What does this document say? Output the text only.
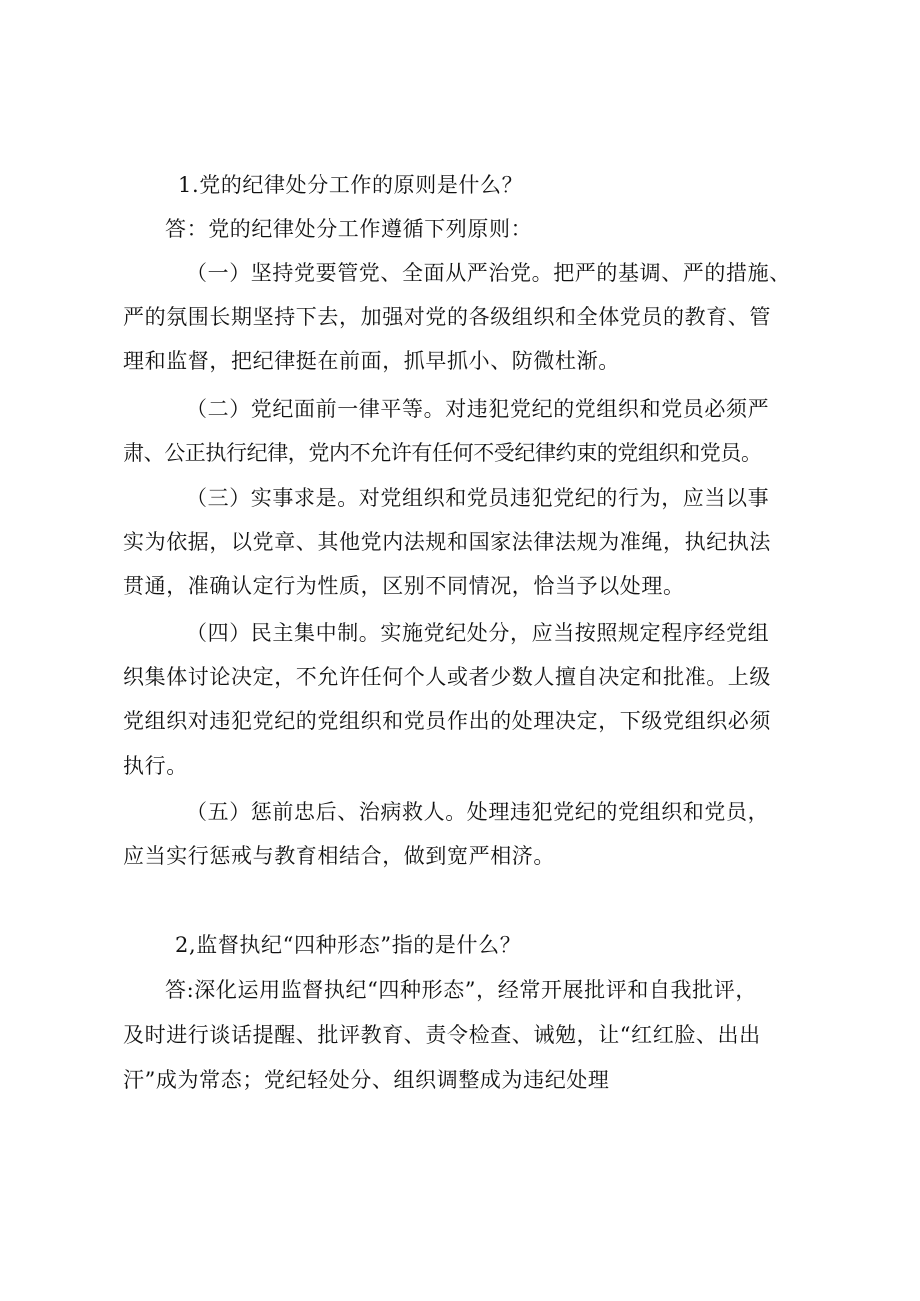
1.党的纪律处分工作的原则是什么？
答：党的纪律处分工作遵循下列原则：
（一）坚持党要管党、全面从严治党。把严的基调、严的措施、
严的氛围长期坚持下去，加强对党的各级组织和全体党员的教育、管
理和监督，把纪律挺在前面，抓早抓小、防微杜渐。
（二）党纪面前一律平等。对违犯党纪的党组织和党员必须严
肃、公正执行纪律，党内不允许有任何不受纪律约束的党组织和党员。
（三）实事求是。对党组织和党员违犯党纪的行为，应当以事
实为依据，以党章、其他党内法规和国家法律法规为准绳，执纪执法
贯通，准确认定行为性质，区别不同情况，恰当予以处理。
（四）民主集中制。实施党纪处分，应当按照规定程序经党组
织集体讨论决定，不允许任何个人或者少数人擅自决定和批准。上级
党组织对违犯党纪的党组织和党员作出的处理决定，下级党组织必须
执行。
（五）惩前忠后、治病救人。处理违犯党纪的党组织和党员，
应当实行惩戒与教育相结合，做到宽严相济。
2,监督执纪“四种形态”指的是什么？
答:深化运用监督执纪“四种形态”，经常开展批评和自我批评，
及时进行谈话提醒、批评教育、责令检查、诫勉，让“红红脸、出出
汗”成为常态；党纪轻处分、组织调整成为违纪处理
